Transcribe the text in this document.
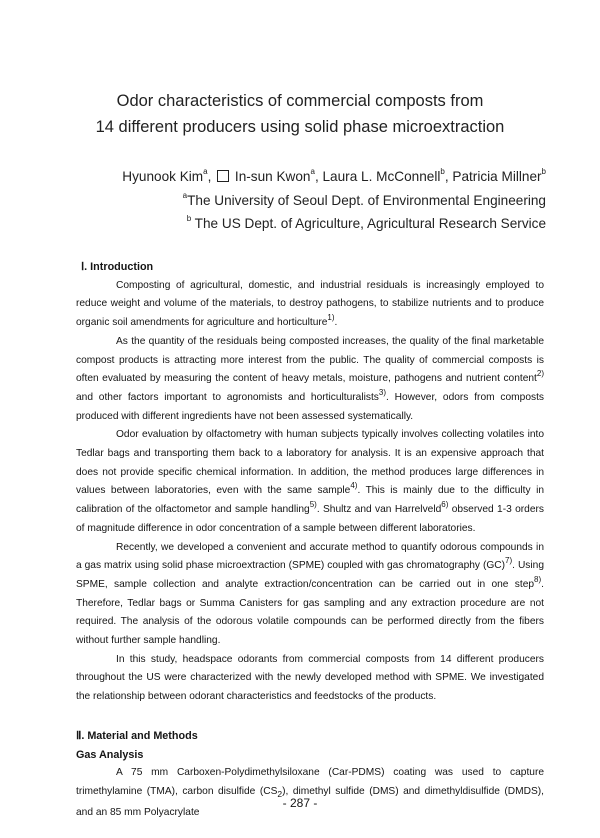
Odor characteristics of commercial composts from
14 different producers using solid phase microextraction
Hyunook Kim$^a$,  In-sun Kwon$^a$, Laura L. McConnell$^b$, Patricia Millner$^b$
$^a$The University of Seoul Dept. of Environmental Engineering
$^b$ The US Dept. of Agriculture, Agricultural Research Service
Ⅰ. Introduction

Composting of agricultural, domestic, and industrial residuals is increasingly employed to reduce weight and volume of the materials, to destroy pathogens, to stabilize nutrients and to produce organic soil amendments for agriculture and horticulture$^{1)}$.

As the quantity of the residuals being composted increases, the quality of the final marketable compost products is attracting more interest from the public. The quality of commercial composts is often evaluated by measuring the content of heavy metals, moisture, pathogens and nutrient content$^{2)}$ and other factors important to agronomists and horticulturalists$^{3)}$. However, odors from composts produced with different ingredients have not been assessed systematically.

Odor evaluation by olfactometry with human subjects typically involves collecting volatiles into Tedlar bags and transporting them back to a laboratory for analysis. It is an expensive approach that does not provide specific chemical information. In addition, the method produces large differences in values between laboratories, even with the same sample$^{4)}$. This is mainly due to the difficulty in calibration of the olfactometor and sample handling$^{5)}$. Shultz and van Harrelveld$^{6)}$ observed 1-3 orders of magnitude difference in odor concentration of a sample between different laboratories.

Recently, we developed a convenient and accurate method to quantify odorous compounds in a gas matrix using solid phase microextraction (SPME) coupled with gas chromatography (GC)$^{7)}$. Using SPME, sample collection and analyte extraction/concentration can be carried out in one step$^{8)}$. Therefore, Tedlar bags or Summa Canisters for gas sampling and any extraction procedure are not required. The analysis of the odorous volatile compounds can be performed directly from the fibers without further sample handling.

In this study, headspace odorants from commercial composts from 14 different producers throughout the US were characterized with the newly developed method with SPME. We investigated the relationship between odorant characteristics and feedstocks of the products.

Ⅱ. Material and Methods
Gas Analysis

A 75 mm Carboxen-Polydimethylsiloxane (Car-PDMS) coating was used to capture trimethylamine (TMA), carbon disulfide $(CS_2)$, dimethyl sulfide (DMS) and dimethyldisulfide (DMDS), and an 85 mm Polyacrylate

- 287 -
